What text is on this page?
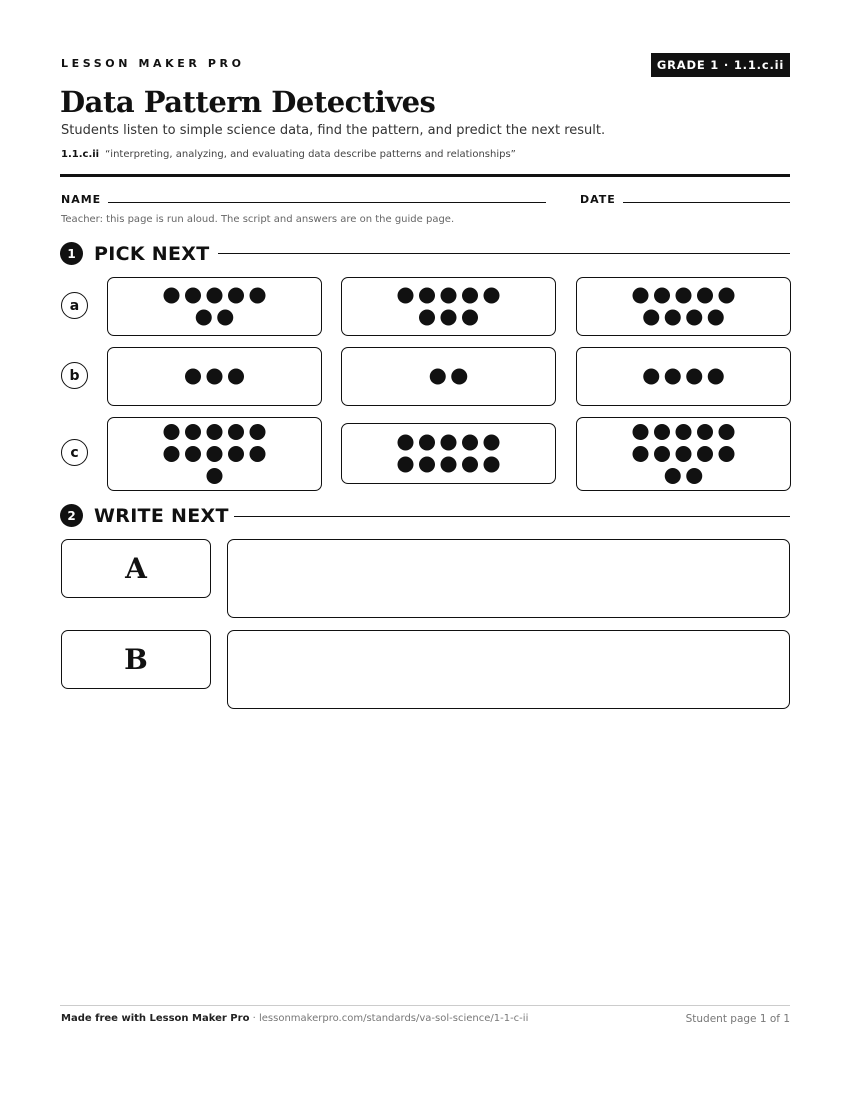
LESSON MAKER PRO	GRADE 1 · 1.1.c.ii
Data Pattern Detectives
Students listen to simple science data, find the pattern, and predict the next result.
1.1.c.ii “interpreting, analyzing, and evaluating data describe patterns and relationships”
NAME	DATE
Teacher: this page is run aloud. The script and answers are on the guide page.
1 PICK NEXT
a
b
c
2 WRITE NEXT
A
B
Made free with Lesson Maker Pro · lessonmakerpro.com/standards/va-sol-science/1-1-c-ii	Student page 1 of 1
